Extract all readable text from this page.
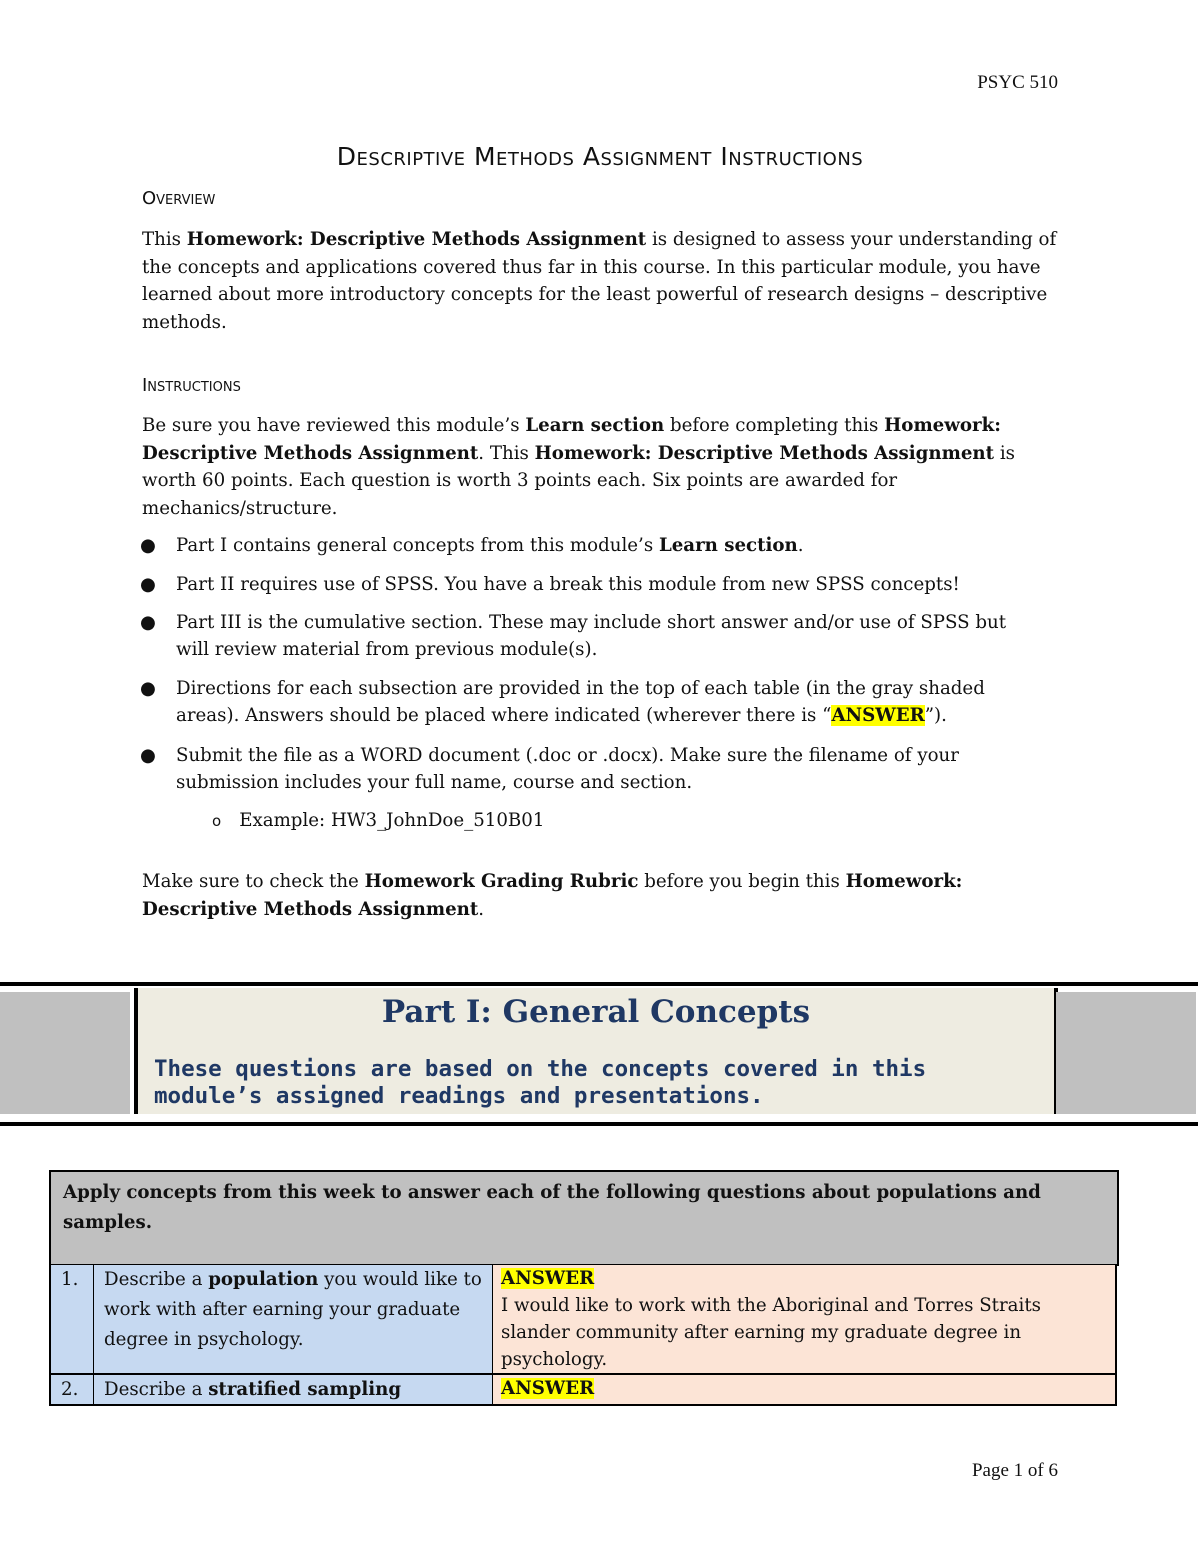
PSYC 510
Descriptive Methods Assignment Instructions
Overview
This Homework: Descriptive Methods Assignment is designed to assess your understanding of the concepts and applications covered thus far in this course. In this particular module, you have learned about more introductory concepts for the least powerful of research designs – descriptive methods.
Instructions
Be sure you have reviewed this module’s Learn section before completing this Homework: Descriptive Methods Assignment. This Homework: Descriptive Methods Assignment is worth 60 points. Each question is worth 3 points each. Six points are awarded for mechanics/structure.
●	Part I contains general concepts from this module’s Learn section.
●	Part II requires use of SPSS. You have a break this module from new SPSS concepts!
●	Part III is the cumulative section. These may include short answer and/or use of SPSS but will review material from previous module(s).
●	Directions for each subsection are provided in the top of each table (in the gray shaded areas). Answers should be placed where indicated (wherever there is “ANSWER”).
●	Submit the file as a WORD document (.doc or .docx). Make sure the filename of your submission includes your full name, course and section.
o Example: HW3_JohnDoe_510B01
Make sure to check the Homework Grading Rubric before you begin this Homework: Descriptive Methods Assignment.
Part I: General Concepts
These questions are based on the concepts covered in this module’s assigned readings and presentations.
Apply concepts from this week to answer each of the following questions about populations and samples.
1.	Describe a population you would like to work with after earning your graduate degree in psychology.
ANSWER
I would like to work with the Aboriginal and Torres Straits slander community after earning my graduate degree in psychology.
2.	Describe a stratified sampling	ANSWER
Page 1 of 6
